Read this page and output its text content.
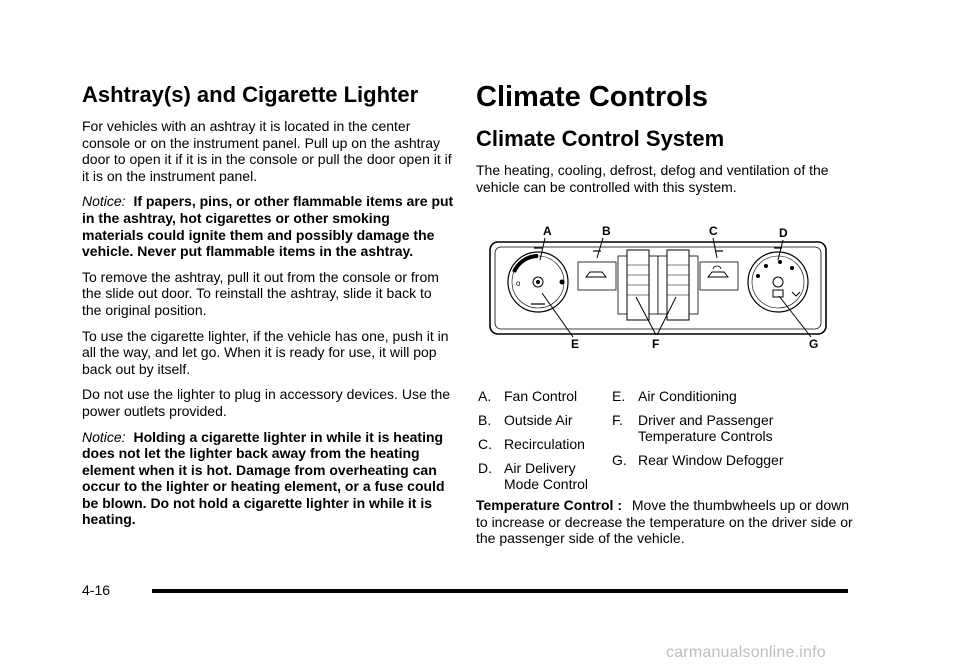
Ashtray(s) and Cigarette Lighter

For vehicles with an ashtray it is located in the center console or on the instrument panel. Pull up on the ashtray door to open it if it is in the console or pull the door open it if it is on the instrument panel.

Notice: If papers, pins, or other flammable items are put in the ashtray, hot cigarettes or other smoking materials could ignite them and possibly damage the vehicle. Never put flammable items in the ashtray.

To remove the ashtray, pull it out from the console or from the slide out door. To reinstall the ashtray, slide it back to the original position.

To use the cigarette lighter, if the vehicle has one, push it in all the way, and let go. When it is ready for use, it will pop back out by itself.

Do not use the lighter to plug in accessory devices. Use the power outlets provided.

Notice: Holding a cigarette lighter in while it is heating does not let the lighter back away from the heating element when it is hot. Damage from overheating can occur to the lighter or heating element, or a fuse could be blown. Do not hold a cigarette lighter in while it is heating.

Climate Controls
Climate Control System

The heating, cooling, defrost, defog and ventilation of the vehicle can be controlled with this system.

A	B	C	D
E	F	G
o
A. Fan Control
B. Outside Air
C. Recirculation
D. Air Delivery Mode Control
E. Air Conditioning
F.	Driver and Passenger Temperature Controls
G. Rear Window Defogger

Temperature Control : Move the thumbwheels up or down to increase or decrease the temperature on the driver side or the passenger side of the vehicle.

4-16
carmanualsonline.info
